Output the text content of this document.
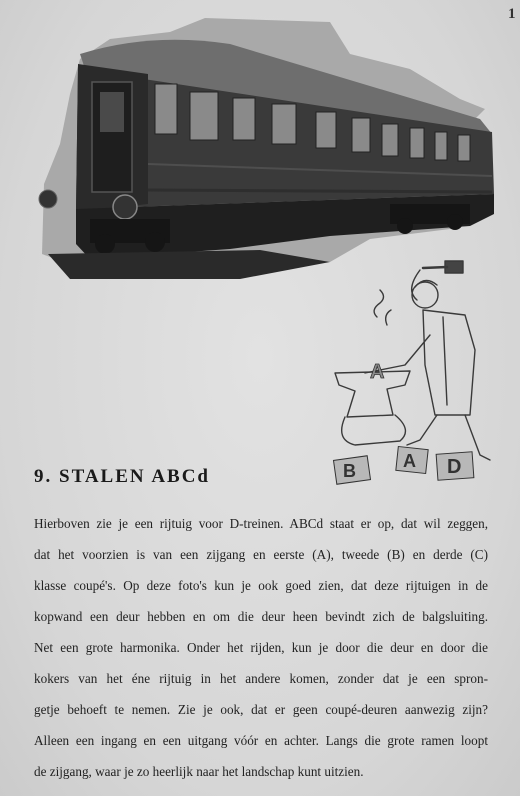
1
A
B	A D
9. STALEN ABCd
Hierboven zie je een rijtuig voor D-treinen. ABCd staat er op, dat wil zeggen,
dat het voorzien is van een zijgang en eerste (A), tweede (B) en derde (C)
klasse coupé's. Op deze foto's kun je ook goed zien, dat deze rijtuigen in de
kopwand een deur hebben en om die deur heen bevindt zich de balgsluiting.
Net een grote harmonika. Onder het rijden, kun je door die deur en door die
kokers van het éne rijtuig in het andere komen, zonder dat je een spron-
getje behoeft te nemen. Zie je ook, dat er geen coupé-deuren aanwezig zijn?
Alleen een ingang en een uitgang vóór en achter. Langs die grote ramen loopt
de zijgang, waar je zo heerlijk naar het landschap kunt uitzien.
